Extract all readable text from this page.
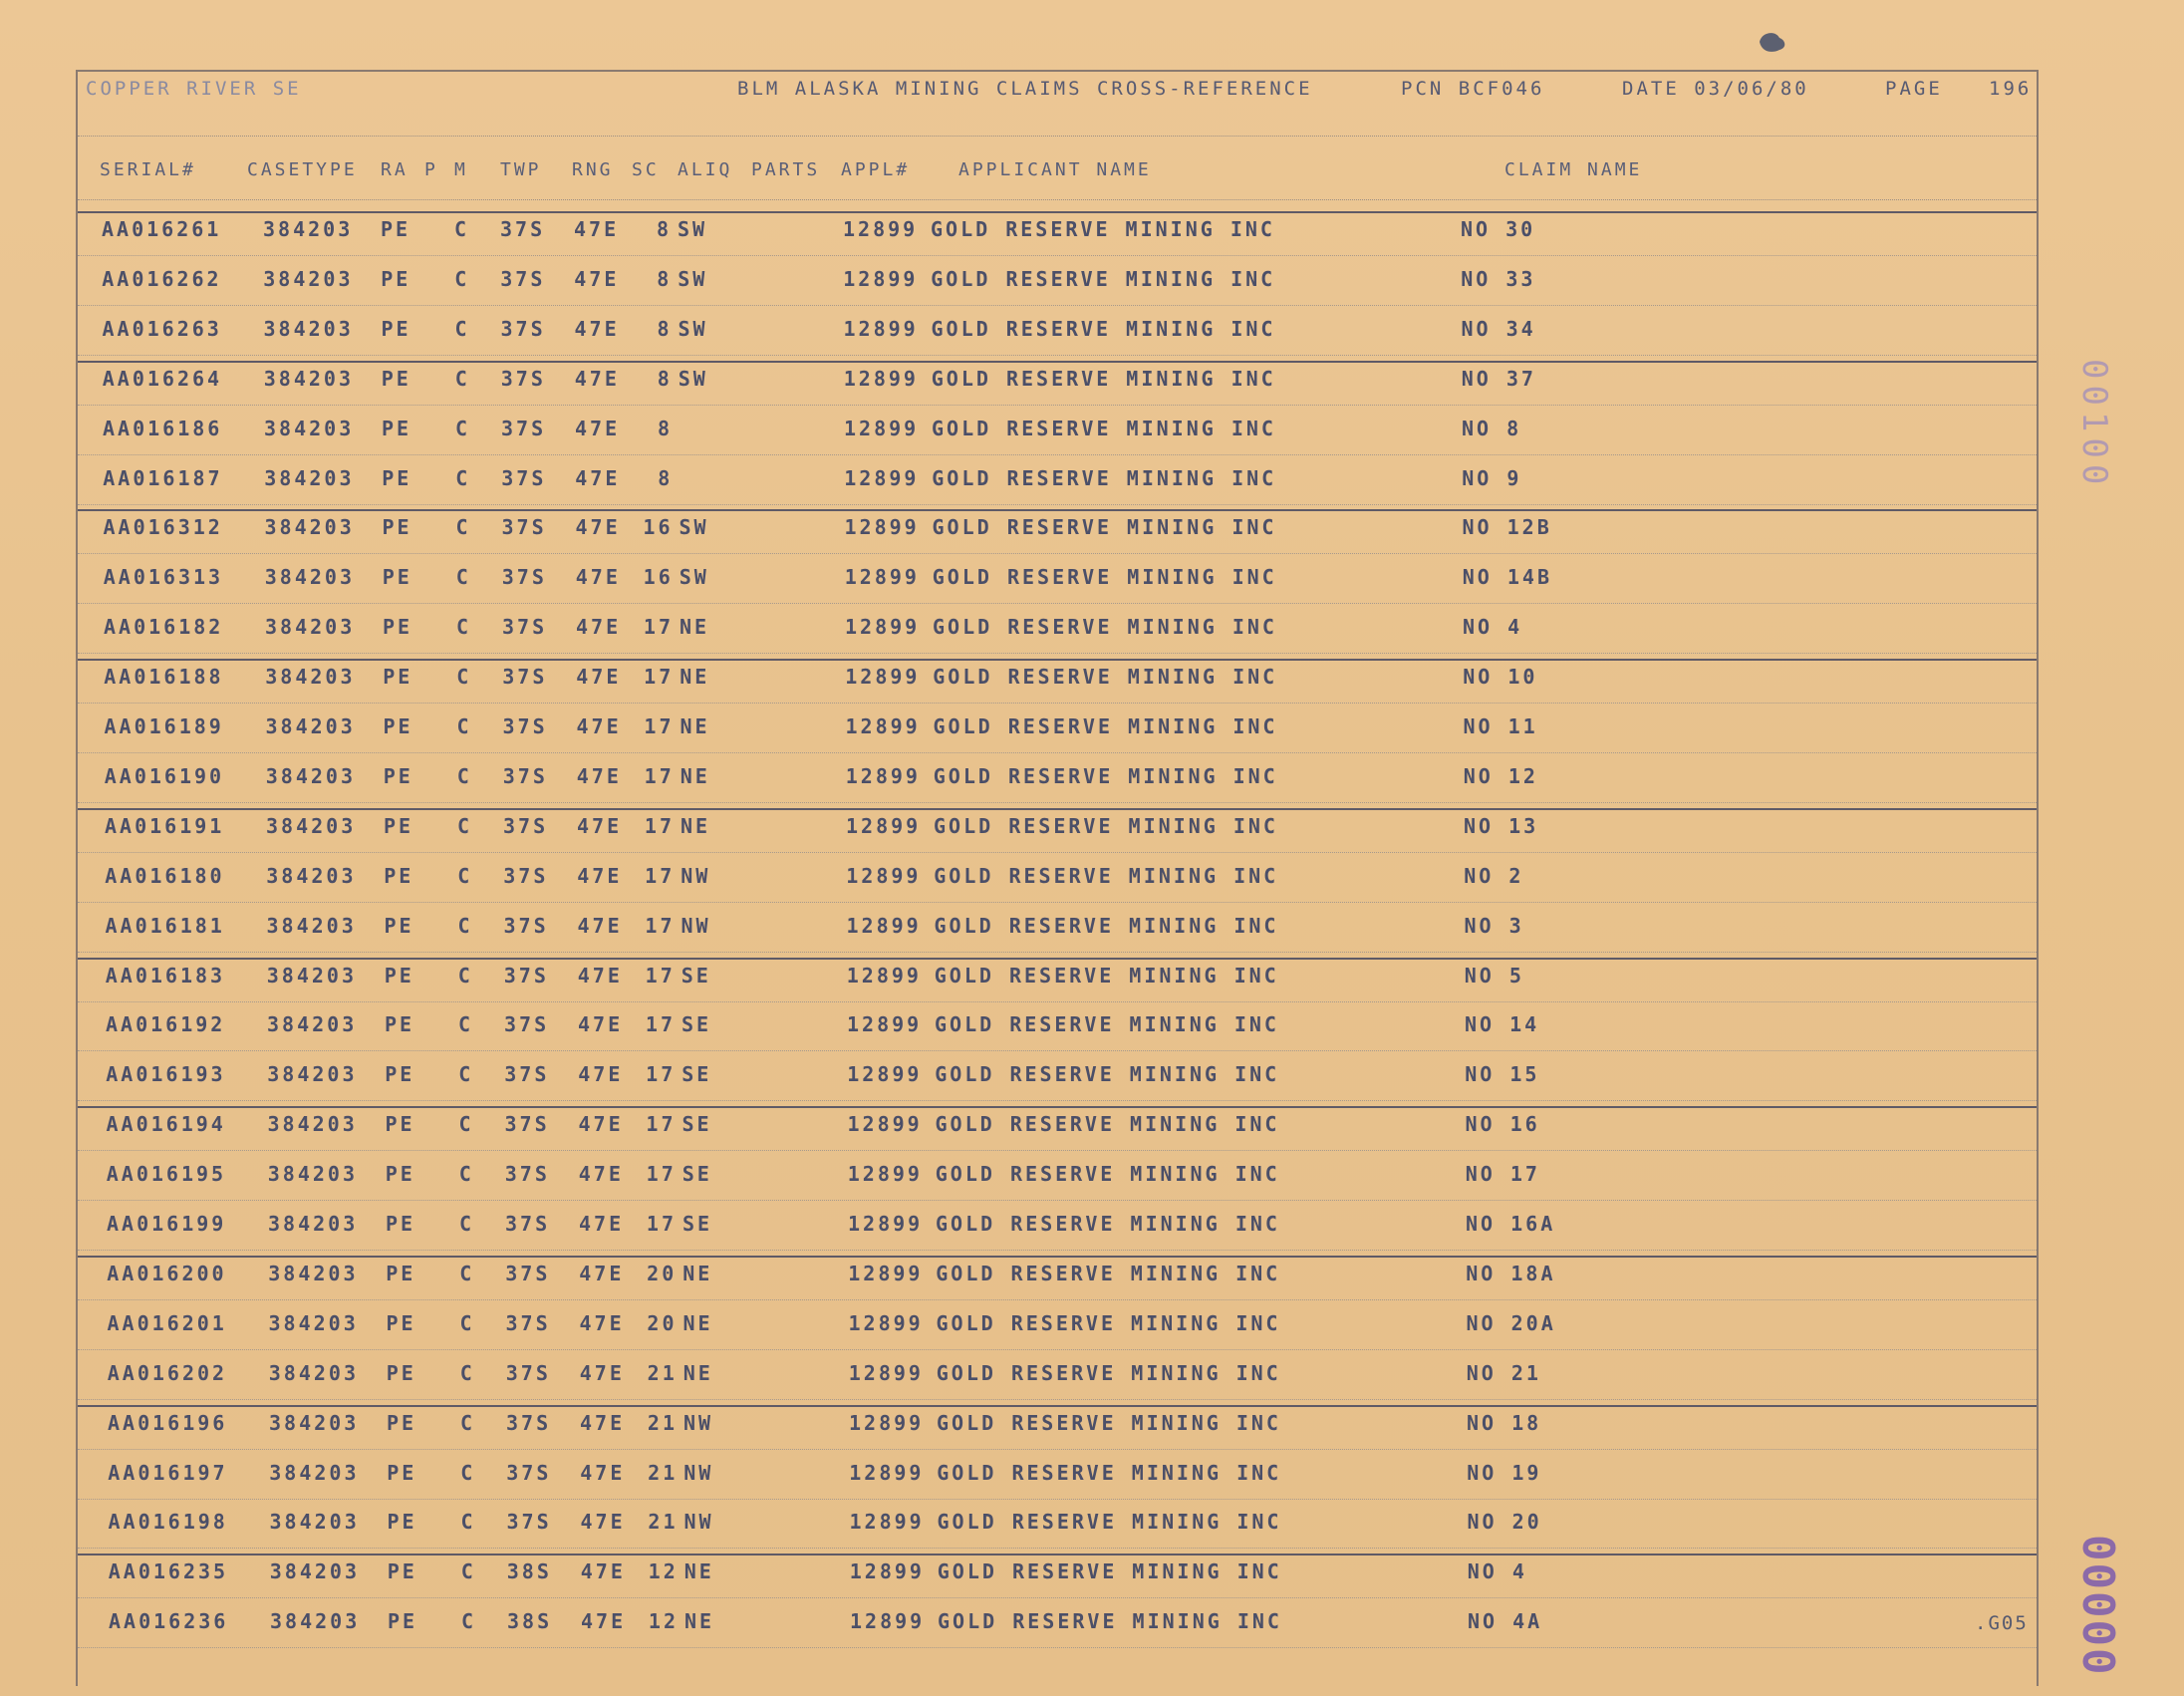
COPPER RIVER SE	BLM ALASKA MINING CLAIMS CROSS-REFERENCE	PCN BCF046	DATE 03/06/80	PAGE 196
SERIAL#	CASETYPE RA P M TWP RNG SC ALIQ PARTS APPL#	APPLICANT NAME	CLAIM NAME
AA016261 384203 PE C 37S 47E	8 SW	12899 GOLD RESERVE MINING INC	NO 30
AA016262 384203 PE C 37S 47E	8 SW	12899 GOLD RESERVE MINING INC	NO 33
AA016263 384203 PE C 37S 47E	8 SW	12899 GOLD RESERVE MINING INC	NO 34
AA016264 384203 PE C 37S 47E	8 SW	12899 GOLD RESERVE MINING INC	NO 37
AA016186 384203 PE C 37S 47E	8	12899 GOLD RESERVE MINING INC	NO 8
AA016187 384203 PE C 37S 47E	8	12899 GOLD RESERVE MINING INC	NO 9
AA016312 384203 PE C 37S 47E 16 SW	12899 GOLD RESERVE MINING INC	NO 12B
AA016313 384203 PE C 37S 47E 16 SW	12899 GOLD RESERVE MINING INC	NO 14B
AA016182 384203 PE C 37S 47E 17 NE	12899 GOLD RESERVE MINING INC	NO 4
AA016188 384203 PE C 37S 47E 17 NE	12899 GOLD RESERVE MINING INC	NO 10
AA016189 384203 PE C 37S 47E 17 NE	12899 GOLD RESERVE MINING INC	NO 11
AA016190 384203 PE C 37S 47E 17 NE	12899 GOLD RESERVE MINING INC	NO 12
AA016191 384203 PE C 37S 47E 17 NE	12899 GOLD RESERVE MINING INC	NO 13
AA016180 384203 PE C 37S 47E 17 NW	12899 GOLD RESERVE MINING INC	NO 2
AA016181 384203 PE C 37S 47E 17 NW	12899 GOLD RESERVE MINING INC	NO 3
AA016183 384203 PE C 37S 47E 17 SE	12899 GOLD RESERVE MINING INC	NO 5
AA016192 384203 PE C 37S 47E 17 SE	12899 GOLD RESERVE MINING INC	NO 14
AA016193 384203 PE C 37S 47E 17 SE	12899 GOLD RESERVE MINING INC	NO 15
AA016194 384203 PE C 37S 47E 17 SE	12899 GOLD RESERVE MINING INC	NO 16
AA016195 384203 PE C 37S 47E 17 SE	12899 GOLD RESERVE MINING INC	NO 17
AA016199 384203 PE C 37S 47E 17 SE	12899 GOLD RESERVE MINING INC	NO 16A
AA016200 384203 PE C 37S 47E 20 NE	12899 GOLD RESERVE MINING INC	NO 18A
AA016201 384203 PE C 37S 47E 20 NE	12899 GOLD RESERVE MINING INC	NO 20A
AA016202 384203 PE C 37S 47E 21 NE	12899 GOLD RESERVE MINING INC	NO 21
AA016196 384203 PE C 37S 47E 21 NW	12899 GOLD RESERVE MINING INC	NO 18
AA016197 384203 PE C 37S 47E 21 NW	12899 GOLD RESERVE MINING INC	NO 19
AA016198 384203 PE C 37S 47E 21 NW	12899 GOLD RESERVE MINING INC	NO 20
AA016235 384203 PE C 38S 47E 12 NE	12899 GOLD RESERVE MINING INC	NO 4
AA016236 384203 PE C 38S 47E 12 NE	12899 GOLD RESERVE MINING INC	NO 4A	.G05
00100
00000
